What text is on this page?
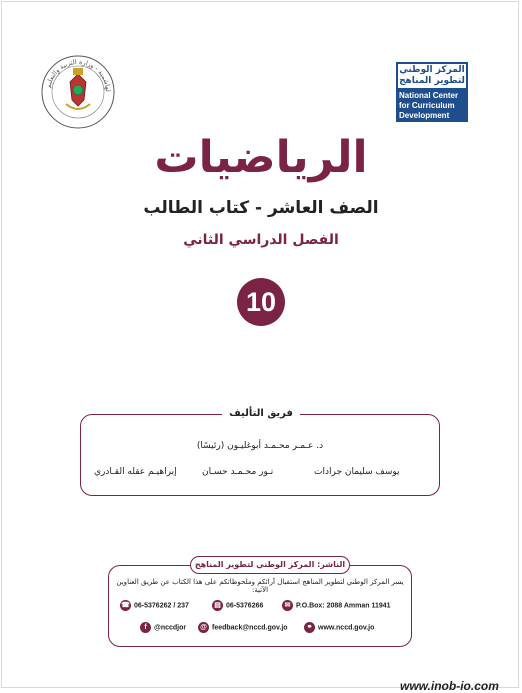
لهاشمية - وزارة التربية والتعليم	المركز الوطني
لتطوير المناهج
National Center
for Curriculum
Development
الرياضيات
الصف العاشر - كتاب الطالب
الفصل الدراسي الثاني
10
فريق التأليف
د. عـمـر محـمـد أبوغليـون (رئيسًا)
يوسف سليمان جرادات
نـور محـمـد حسـان
إبراهيـم عقله القـادري
الناشر: المركز الوطني لتطوير المناهج
يسر المركز الوطني لتطوير المناهج استقبال آرائكم وملحوظاتكم على هذا الكتاب عن طريق العناوين الآتية:
☎ 06-5376262 / 237	▤ 06-5376266	✉ P.O.Box: 2088 Amman 11941
f @nccdjor @ feedback@nccd.gov.jo	⚭ www.nccd.gov.jo
www.inob-io.com
